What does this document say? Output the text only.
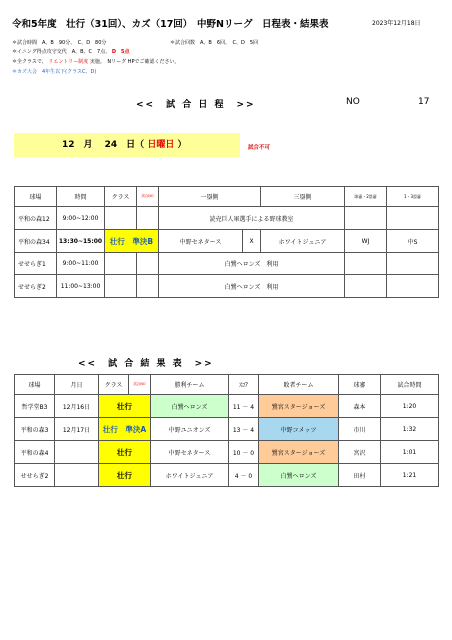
令和5年度　壮行（31回）、カズ（17回）　中野Nリーグ　日程表・結果表	2023年12月18日
＊試合時間　A、B　90分、　C、D　80分	＊試合回数　A、B　6回、　C、D　5回
＊イニング得点攻守交代　A、B、C　7点、 D　5点
＊全クラスで、 リエントリー制度 実施。　Nリーグ HPでご確認ください。
＊カズ大会　4年生以下(クラスC、D)
<<　試 合 日 程　>>	NO	17
12　月　 24　日（ 日曜日 ）	試合不可
球場	時間	クラス	試合NO	一塁側		三塁側	球審・2塁審	1・3塁審
平和の森12	9:00~12:00			読売巨人軍選手による野球教室				
平和の森34	13:30~15:00	壮行　準決B		中野セネタース	X	ホワイトジュニア	WJ	中S
せせらぎ1	9:00~11:00			白鷺ヘロンズ　利用				
せせらぎ2	11:00~13:00			白鷺ヘロンズ　利用				
<<　試 合 結 果 表　>>
球場	月日	クラス	試合NO	勝利チーム	ｽｺｱ	敗者チーム	球審	試合時間
哲学堂B3	12月16日	壮行		白鷺ヘロンズ	11 － 4	鷺宮スタージョーズ	森本	1:20
平和の森3	12月17日	壮行　準決A		中野ユニオンズ	13 － 4	中野コメッツ	市川	1:32
平和の森4		壮行		中野セネタース	10 － 0	鷺宮スタージョーズ	宮沢	1:01
せせらぎ2		壮行		ホワイトジュニア	4 － 0	白鷺ヘロンズ	田村	1:21
